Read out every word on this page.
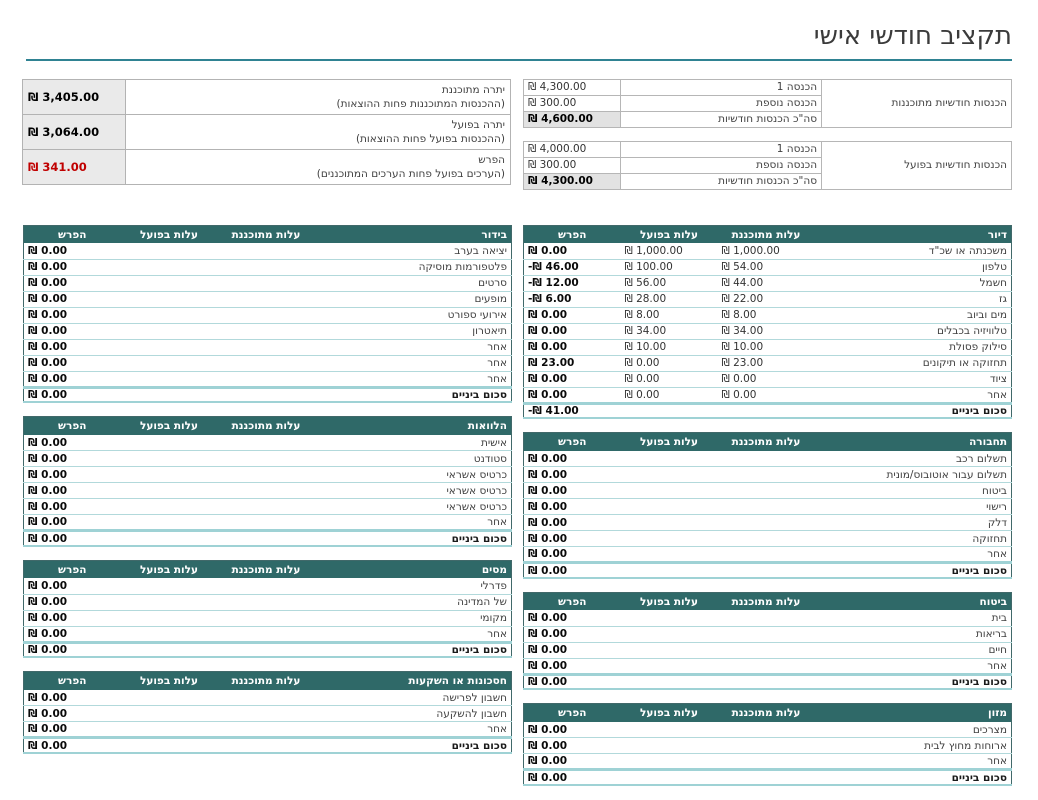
תקציב חודשי אישי
הכנסות חודשיות מתוכננות	הכנסה 1	₪ 4,300.00
	הכנסה נוספת	₪ 300.00
	סה"כ הכנסות חודשיות	₪ 4,600.00
הכנסות חודשיות בפועל	הכנסה 1	₪ 4,000.00
	הכנסה נוספת	₪ 300.00
	סה"כ הכנסות חודשיות	₪ 4,300.00
יתרה מתוכננת
(ההכנסות המתוכננות פחות ההוצאות)	₪ 3,405.00

יתרה בפועל
(ההכנסות בפועל פחות ההוצאות)	₪ 3,064.00

הפרש
(הערכים בפועל פחות הערכים המתוכננים)	₪ 341.00
דיור	עלות מתוכננת	עלות בפועל	הפרש
משכנתה או שכ"ד	₪ 1,000.00	₪ 1,000.00	₪ 0.00
טלפון	₪ 54.00	₪ 100.00	-₪ 46.00
חשמל	₪ 44.00	₪ 56.00	-₪ 12.00
גז	₪ 22.00	₪ 28.00	-₪ 6.00
מים וביוב	₪ 8.00	₪ 8.00	₪ 0.00
טלוויזיה בכבלים	₪ 34.00	₪ 34.00	₪ 0.00
סילוק פסולת	₪ 10.00	₪ 10.00	₪ 0.00
תחזוקה או תיקונים	₪ 23.00	₪ 0.00	₪ 23.00
ציוד	₪ 0.00	₪ 0.00	₪ 0.00
אחר	₪ 0.00	₪ 0.00	₪ 0.00
סכום ביניים			-₪ 41.00
תחבורה	עלות מתוכננת	עלות בפועל	הפרש
תשלום רכב			₪ 0.00
תשלום עבור אוטובוס/מונית			₪ 0.00
ביטוח			₪ 0.00
רישוי			₪ 0.00
דלק			₪ 0.00
תחזוקה			₪ 0.00
אחר			₪ 0.00
סכום ביניים			₪ 0.00
ביטוח	עלות מתוכננת	עלות בפועל	הפרש
בית			₪ 0.00
בריאות			₪ 0.00
חיים			₪ 0.00
אחר			₪ 0.00
סכום ביניים			₪ 0.00
מזון	עלות מתוכננת	עלות בפועל	הפרש
מצרכים			₪ 0.00
ארוחות מחוץ לבית			₪ 0.00
אחר			₪ 0.00
סכום ביניים			₪ 0.00
בידור	עלות מתוכננת	עלות בפועל	הפרש
יציאה בערב			₪ 0.00
פלטפורמות מוסיקה			₪ 0.00
סרטים			₪ 0.00
מופעים			₪ 0.00
אירועי ספורט			₪ 0.00
תיאטרון			₪ 0.00
אחר			₪ 0.00
אחר			₪ 0.00
אחר			₪ 0.00
סכום ביניים			₪ 0.00
הלוואות	עלות מתוכננת	עלות בפועל	הפרש
אישית			₪ 0.00
סטודנט			₪ 0.00
כרטיס אשראי			₪ 0.00
כרטיס אשראי			₪ 0.00
כרטיס אשראי			₪ 0.00
אחר			₪ 0.00
סכום ביניים			₪ 0.00
מסים	עלות מתוכננת	עלות בפועל	הפרש
פדרלי			₪ 0.00
של המדינה			₪ 0.00
מקומי			₪ 0.00
אחר			₪ 0.00
סכום ביניים			₪ 0.00
חסכונות או השקעות	עלות מתוכננת	עלות בפועל	הפרש
חשבון לפרישה			₪ 0.00
חשבון להשקעה			₪ 0.00
אחר			₪ 0.00
סכום ביניים			₪ 0.00
